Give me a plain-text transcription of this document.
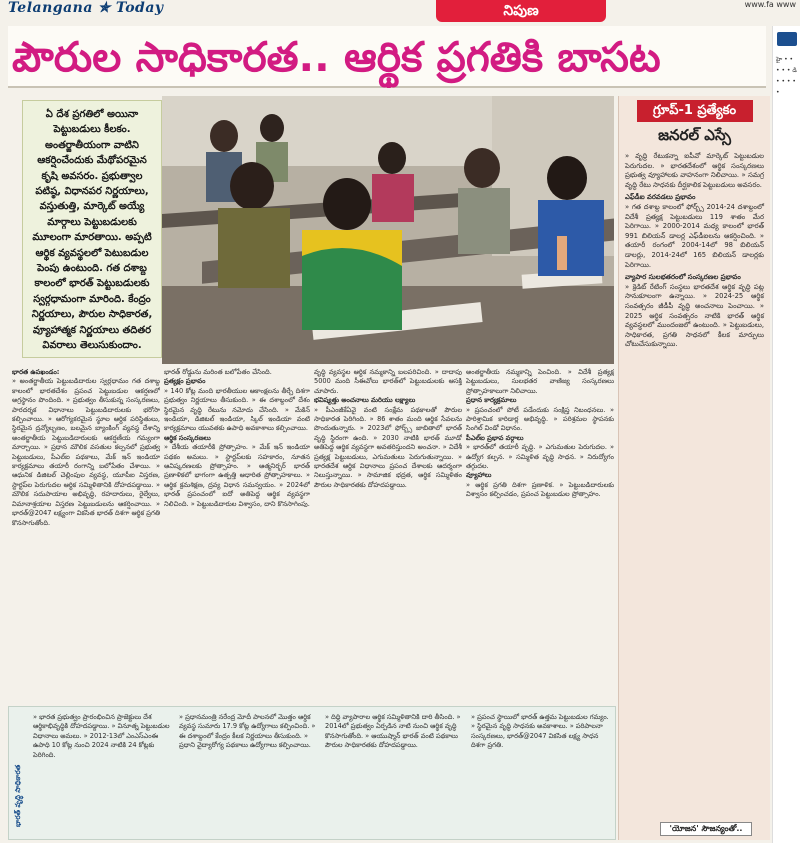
Telangana ✯ Today	నిపుణ	www.fa www
పౌరుల సాధికారత.. ఆర్థిక ప్రగతికి బాసట	హై • • • • • డి • • • • •

ఏ దేశ ప్రగతిలో అయినా పెట్టుబడులు కీలకం. అంతర్జాతీయంగా వాటిని ఆకర్షించేందుకు మేథోపరమైన కృషి అవసరం. ప్రభుత్వాల పటిష్ఠ, విధానపర నిర్ణయాలు, వస్తుతుత్తి, మార్కెట్ అయ్యే మార్గాలు పెట్టుబడులకు మూలంగా మారతాయి. అప్పటి ఆర్థిక వ్యవస్థలలో పెటుబడుల పెంపు ఉంటుంది. గత దశాబ్ద కాలంలో భారత్ పెట్టుబడులకు స్వర్గధామంగా మారింది. కేంద్రం నిర్ణయాలు, పౌరుల సాధికారత, వ్యూహాత్మక నిర్ణయాలు తదితర వివరాలు తెలుసుకుందాం.

గ్రూప్-1 ప్రత్యేకం
జనరల్ ఎస్సే
» వృద్ధి రేటుకన్నా ఐపీవో మార్కెట్ పెట్టుబడుల పెరుగుదల. » భారతదేశంలో ఆర్థిక సంస్కరణలు ప్రభుత్వ వ్యూహాలకు వాహనంగా నిలిచాయి. » సమగ్ర వృద్ధి రేటు సాధనకు దీర్ఘకాలిక పెట్టుబడులు అవసరం.
ఎఫ్‌డీఐ వరవడలు ప్రభావం
» గత దశాబ్ద కాలంలో ఫోర్బ్స్ 2014-24 దశాబ్దంలో విదేశీ ప్రత్యక్ష పెట్టుబడులు 119 శాతం మేర పెరిగాయి. » 2000-2014 మధ్య కాలంలో భారత్ 991 బిలియన్ డాలర్ల ఎఫ్‌డీఐలను ఆకర్షించింది. » తయారీ రంగంలో 2004-14లో 98 బిలియన్ డాలర్లు, 2014-24లో 165 బిలియన్ డాలర్లకు పెరిగాయి.
వ్యాపార సులభతరంలో సంస్కరణల ప్రభావం
» క్రెడిట్ రేటింగ్ సంస్థలు భారతదేశ ఆర్థిక వృద్ధి పట్ల సానుకూలంగా ఉన్నాయి. » 2024-25 ఆర్థిక సంవత్సరం జీడీపీ వృద్ధి అంచనాలు పెంచాయి. » 2025 ఆర్థిక సంవత్సరం నాటికి భారత్ ఆర్థిక వ్యవస్థలలో ముందంజలో ఉంటుంది. » పెట్టుబడులు, సాధికారత, ప్రగతి సాధనలో కీలక మార్పులు చోటుచేసుకున్నాయి.
భారత ఉపఖండం:
» అంతర్జాతీయ పెట్టుబడిదారుల స్వర్గధామం గత దశాబ్ద కాలంలో భారతదేశం ప్రపంచ పెట్టుబడుల ఆకర్షణలో అగ్రస్థానం పొందింది. » ప్రభుత్వం తీసుకున్న సంస్కరణలు, పారదర్శక విధానాలు పెట్టుబడిదారులకు భరోసా కల్పించాయి. » ఆరోగ్యకరమైన స్థూల ఆర్థిక పరిస్థితులు, స్థిరమైన ద్రవ్యోల్బణం, బలమైన బ్యాంకింగ్ వ్యవస్థ దేశాన్ని అంతర్జాతీయ పెట్టుబడిదారులకు ఆకర్షణీయ గమ్యంగా మార్చాయి. » ప్రధాన మౌలిక వసతుల కల్పనలో ప్రభుత్వ పెట్టుబడులు, పీఎల్‌ఐ పథకాలు, మేక్ ఇన్ ఇండియా కార్యక్రమాలు తయారీ రంగాన్ని బలోపేతం చేశాయి. » ఆధునిక డిజిటల్ చెల్లింపుల వ్యవస్థ, యూపీఐ విస్తరణ, స్టార్టప్‌ల పెరుగుదల ఆర్థిక సమ్మిళితానికి దోహదపడ్డాయి. » మౌలిక సదుపాయాల అభివృద్ధి, రహదారులు, రైల్వేలు, విమానాశ్రయాల విస్తరణ పెట్టుబడులను ఆకర్షించాయి. » భారత్@2047 లక్ష్యంగా వికసిత భారత్ దిశగా ఆర్థిక ప్రగతి కొనసాగుతోంది.
భారత్ రోడ్డును మరింత బలోపేతం చేసింది.
ప్రత్యక్షం ప్రభావం
» 140 కోట్ల మంది భారతీయుల ఆకాంక్షలను తీర్చే దిశగా ప్రభుత్వం నిర్ణయాలు తీసుకుంది. » ఈ దశాబ్దంలో దేశం స్థిరమైన వృద్ధి రేటును నమోదు చేసింది. » మేకిన్ ఇండియా, డిజిటల్ ఇండియా, స్కిల్ ఇండియా వంటి కార్యక్రమాలు యువతకు ఉపాధి అవకాశాలు కల్పించాయి.
ఆర్థిక సంస్కరణలు
» దేశీయ తయారీకి ప్రోత్సాహం. » మేక్ ఇన్ ఇండియా పథకం అమలు. » స్టార్టప్‌లకు సహకారం, నూతన ఆవిష్కరణలకు ప్రోత్సాహం. » ఆత్మనిర్భర్ భారత్ ప్రణాళికలో భాగంగా ఉత్పత్తి ఆధారిత ప్రోత్సాహకాలు. » ఆర్థిక క్రమశిక్షణ, ద్రవ్య విధాన సమన్వయం. » 2024లో భారత్ ప్రపంచంలో ఐదో అతిపెద్ద ఆర్థిక వ్యవస్థగా నిలిచింది. » పెట్టుబడిదారుల విశ్వాసం, దాని కొనసాగింపు.
వృద్ధి వ్యవస్థల ఆర్థిక నమ్మకాన్ని బలపరిచింది. » దాదాపు 5000 మంది సీఈవోలు భారత్‌లో పెట్టుబడులకు ఆసక్తి చూపారు.
భవిష్యత్తు అంచనాలు మరియు లక్ష్యాలు
» పీఎంజీకేఏవై వంటి సంక్షేమ పథకాలతో పౌరుల సాధికారత పెరిగింది. » 86 శాతం మంది ఆర్థిక సేవలను పొందుతున్నారు. » 2023లో ఫోర్బ్స్ జాబితాలో భారత్ వృద్ధి స్థిరంగా ఉంది. » 2030 నాటికి భారత్ మూడో అతిపెద్ద ఆర్థిక వ్యవస్థగా అవతరిస్తుందని అంచనా. » విదేశీ ప్రత్యక్ష పెట్టుబడులు, ఎగుమతులు పెరుగుతున్నాయి. » భారతదేశ ఆర్థిక విధానాలు ప్రపంచ దేశాలకు ఆదర్శంగా నిలుస్తున్నాయి. » సామాజిక భద్రత, ఆర్థిక సమ్మిళితం పౌరుల సాధికారతకు దోహదపడ్డాయి.
అంతర్జాతీయ నమ్మకాన్ని పెంచింది. » విదేశీ ప్రత్యక్ష పెట్టుబడులు, సులభతర వాణిజ్య సంస్కరణలు ప్రోత్సాహకాలుగా నిలిచాయి.
ప్రధాన కార్యక్రమాలు
» ప్రపంచంలో పోటీ పడేందుకు సంక్షిప్త నిబంధనలు. » పారిశ్రామిక కారిడార్ల అభివృద్ధి. » పరిశ్రమల స్థాపనకు సింగిల్ విండో విధానం.
పీఎల్‌ఐ ప్రభావ వర్గాలు
» భారత్‌లో తయారీ వృద్ధి. » ఎగుమతుల పెరుగుదల. » ఉద్యోగ కల్పన. » సమ్మిళిత వృద్ధి సాధన. » నిరుద్యోగం తగ్గుదల.
వ్యూహాలు
» ఆర్థిక ప్రగతి దిశగా ప్రణాళిక. » పెట్టుబడిదారులకు విశ్వాసం కల్పించడం, ప్రపంచ పెట్టుబడుల ప్రోత్సాహం.
భారత్ వృద్ధి సాధికారత
» భారత ప్రభుత్వం ప్రారంభించిన ప్రాజెక్టులు దేశ ఆర్థికాభివృద్ధికి దోహదపడ్డాయి. » వినూత్న పెట్టుబడుల విధానాలు అమలు. » 2012-13లో ఎంఎస్ఎంఈ ఉపాధి 10 కోట్ల నుంచి 2024 నాటికి 24 కోట్లకు పెరిగింది.
» ప్రధానమంత్రి నరేంద్ర మోదీ పాలనలో మొత్తం ఆర్థిక వ్యవస్థ సుమారు 17.9 కోట్ల ఉద్యోగాలు కల్పించింది. » ఈ దశాబ్దంలో కేంద్రం కీలక నిర్ణయాలు తీసుకుంది. » ప్రధాని వైద్యారోగ్య పథకాలు ఉద్యోగాలు కల్పించాయి.
» దిద్ది వ్యాపారాల ఆర్థిక సమ్మిళితానికి దారి తీసింది. » 2014లో ప్రభుత్వం ఏర్పడిన నాటి నుంచి ఆర్థిక వృద్ధి కొనసాగుతోంది. » ఆయుష్మాన్ భారత్ వంటి పథకాలు పౌరుల సాధికారతకు దోహదపడ్డాయి.
» ప్రపంచ స్థాయిలో భారత్ ఉత్తమ పెట్టుబడుల గమ్యం. » స్థిరమైన వృద్ధి సాధనకు అవకాశాలు. » పరిపాలనా సంస్కరణలు, భారత్@2047 వికసిత లక్ష్య సాధన దిశగా ప్రగతి.
'యోజన' సౌజన్యంతో..
